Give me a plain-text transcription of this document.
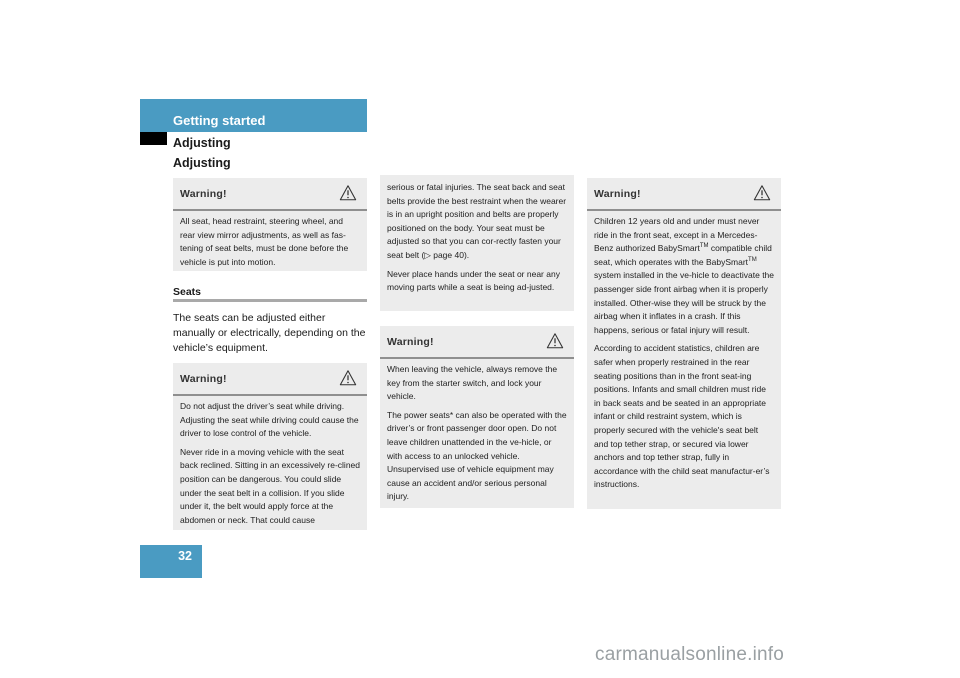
Getting started
Adjusting
Adjusting
32
Warning!

All seat, head restraint, steering wheel, and rear view mirror adjustments, as well as fas-tening of seat belts, must be done before the vehicle is put into motion.

Seats

The seats can be adjusted either manually or electrically, depending on the vehicle’s equipment.

Warning!

Do not adjust the driver’s seat while driving. Adjusting the seat while driving could cause the driver to lose control of the vehicle.

Never ride in a moving vehicle with the seat back reclined. Sitting in an excessively re-clined position can be dangerous. You could slide under the seat belt in a collision. If you slide under it, the belt would apply force at the abdomen or neck. That could cause

serious or fatal injuries. The seat back and seat belts provide the best restraint when the wearer is in an upright position and belts are properly positioned on the body. Your seat must be adjusted so that you can cor-rectly fasten your seat belt (▷ page 40).

Never place hands under the seat or near any moving parts while a seat is being ad-justed.

Warning!

When leaving the vehicle, always remove the key from the starter switch, and lock your vehicle.

The power seats* can also be operated with the driver’s or front passenger door open. Do not leave children unattended in the ve-hicle, or with access to an unlocked vehicle. Unsupervised use of vehicle equipment may cause an accident and/or serious personal injury.

Warning!

Children 12 years old and under must never ride in the front seat, except in a Mercedes-Benz authorized BabySmart™ compatible child seat, which operates with the BabySmart™ system installed in the ve-hicle to deactivate the passenger side front airbag when it is properly installed. Other-wise they will be struck by the airbag when it inflates in a crash. If this happens, serious or fatal injury will result.

According to accident statistics, children are safer when properly restrained in the rear seating positions than in the front seat-ing positions. Infants and small children must ride in back seats and be seated in an appropriate infant or child restraint system, which is properly secured with the vehicle's seat belt and top tether strap, or secured via lower anchors and top tether strap, fully in accordance with the child seat manufactur-er’s instructions.

carmanualsonline.info
